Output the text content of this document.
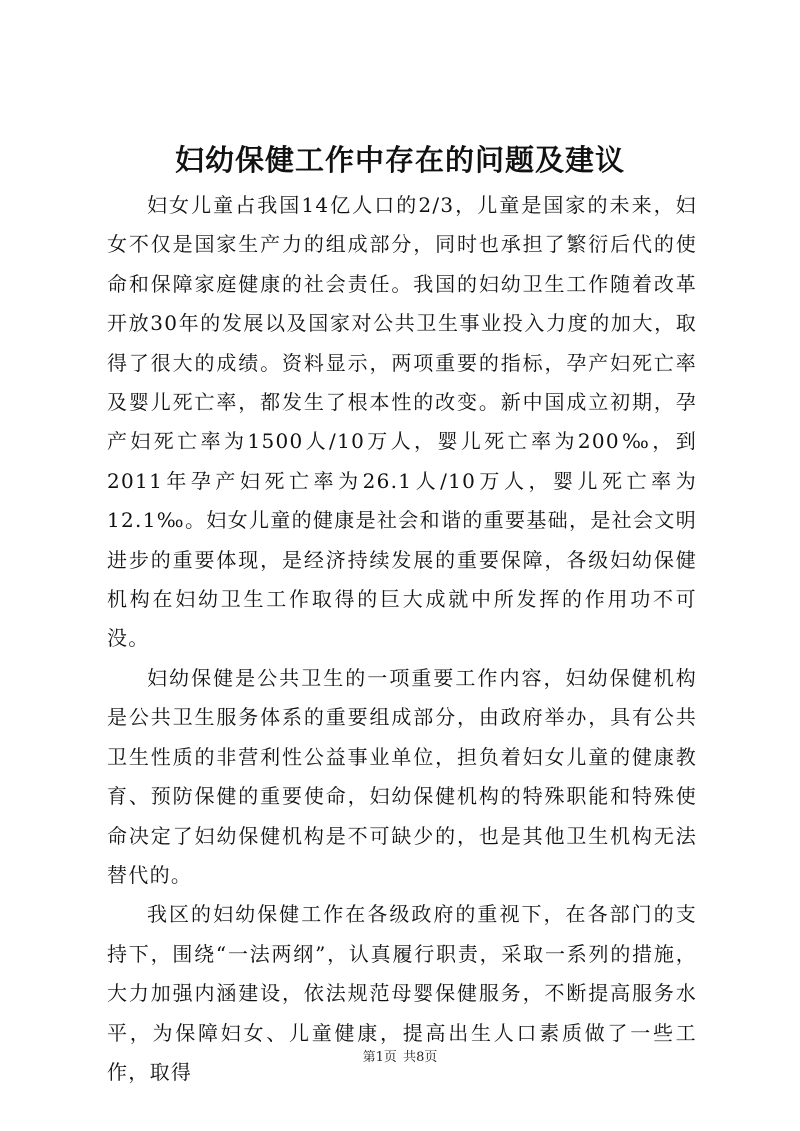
妇幼保健工作中存在的问题及建议

妇女儿童占我国14亿人口的2/3，儿童是国家的未来，妇女不仅是国家生产力的组成部分，同时也承担了繁衍后代的使命和保障家庭健康的社会责任。我国的妇幼卫生工作随着改革开放30年的发展以及国家对公共卫生事业投入力度的加大，取得了很大的成绩。资料显示，两项重要的指标，孕产妇死亡率及婴儿死亡率，都发生了根本性的改变。新中国成立初期，孕产妇死亡率为1500人/10万人，婴儿死亡率为200‰，到2011年孕产妇死亡率为26.1人/10万人，婴儿死亡率为12.1‰。妇女儿童的健康是社会和谐的重要基础，是社会文明进步的重要体现，是经济持续发展的重要保障，各级妇幼保健机构在妇幼卫生工作取得的巨大成就中所发挥的作用功不可没。

妇幼保健是公共卫生的一项重要工作内容，妇幼保健机构是公共卫生服务体系的重要组成部分，由政府举办，具有公共卫生性质的非营利性公益事业单位，担负着妇女儿童的健康教育、预防保健的重要使命，妇幼保健机构的特殊职能和特殊使命决定了妇幼保健机构是不可缺少的，也是其他卫生机构无法替代的。

我区的妇幼保健工作在各级政府的重视下，在各部门的支持下，围绕“一法两纲”，认真履行职责，采取一系列的措施，大力加强内涵建设，依法规范母婴保健服务，不断提高服务水平，为保障妇女、儿童健康，提高出生人口素质做了一些工作，取得

第1页 共8页
